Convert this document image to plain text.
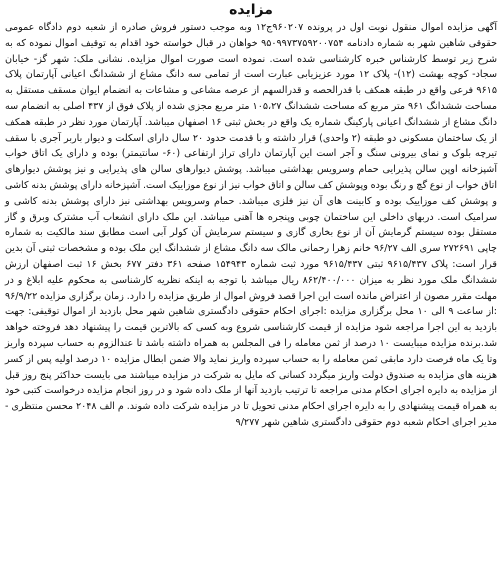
مزایده

آگهی مزایده اموال منقول نوبت اول در پرونده ۹۶۰۲۰۷ج۱۲ وبه موجب دستور فروش صادره از شعبه دوم دادگاه عمومی حقوقی شاهین شهر به شماره دادنامه ۹۵۰۹۹۷۳۷۵۹۲۰۰۷۵۴ خواهان در قبال خواسته خود اقدام به توقیف اموال نموده که به شرح زیر توسط کارشناس خبره کارشناسی شده است. نموده است صورت اموال مزایده. نشانی ملک: شهر گز- خیابان سجاد- کوچه بهشت (۱۲)- پلاک ۱۲ مورد عزیزیابی عبارت است از تمامی سه دانگ مشاع از ششدانگ اعیانی آپارتمان پلاک ۹۶۱۵ فرعی واقع در طبقه همکف با قدرالحصه و قدرالسهم از عرصه مشاعی و مشاعات به انضمام ایوان مسقف مستقل به مساحت ششدانگ ۹۶۱ متر مربع که مساحت ششدانگ ۱۰۵،۲۷ متر مربع مجزی شده از پلاک فوق از ۴۳۷ اصلی به انضمام سه دانگ مشاع از ششدانگ اعیانی پارکینگ شماره یک واقع در بخش ثبتی ۱۶ اصفهان میباشد. آپارتمان مورد نظر در طبقه همکف از یک ساختمان مسکونی دو طبقه (۲ واحدی) قرار داشته و با قدمت حدود ۲۰ سال دارای اسکلت و دیوار باربر آجری با سقف تیرچه بلوک و نمای بیرونی سنگ و آجر است این آپارتمان دارای تراز ارتفاعی (۶۰- سانتیمتر) بوده و دارای یک اتاق خواب آشپزخانه اوپن سالن پذیرایی حمام وسرویس بهداشتی میباشد. پوشش دیوارهای سالن های پذیرایی و نیز پوشش دیوارهای اتاق خواب از نوع گچ و رنگ بوده وپوشش کف سالن و اتاق خواب نیز از نوع موزاییک است. آشپزخانه دارای پوشش بدنه کاشی و پوشش کف موزاییک بوده و کابینت های آن نیز فلزی میباشد. حمام وسرویس بهداشتی نیز دارای پوشش بدنه کاشی و سرامیک است. دربهای داخلی این ساختمان چوبی وپنجره ها آهنی میباشد. این ملک دارای انشعاب آب مشترک وبرق و گاز مستقل بوده سیستم گرمایش آن از نوع بخاری گازی و سیستم سرمایش آن کولر آبی است مطابق سند مالکیت به شماره چاپی ۲۷۲۶۹۱ سری الف ۹۶/۲۷ خانم زهرا رحمانی مالک سه دانگ مشاع از ششدانگ این ملک بوده و مشخصات ثبتی آن بدین قرار است: پلاک ۹۶۱۵/۴۳۷ ثبتی ۹۶۱۵/۴۳۷ مورد ثبت شماره ۱۵۴۹۴۳ صفحه ۳۶۱ دفتر ۶۷۷ بخش ۱۶ ثبت اصفهان ارزش ششدانگ ملک مورد نظر به میزان ۸۶۲/۴۰۰/۰۰۰ ریال میباشد با توجه به اینکه نظریه کارشناسی به محکوم علیه ابلاغ و در مهلت مقرر مصون از اعتراض مانده است این اجرا قصد فروش اموال از طریق مزایده را دارد. زمان برگزاری مزایده ۹۶/۹/۲۲ :از ساعت ۹ الی ۱۰ محل برگزاری مزایده :اجرای احکام حقوقی دادگستری شاهین شهر محل بازدید از اموال توقیفی: جهت بازدید به این اجرا مراجعه شود مزایده از قیمت کارشناسی شروع وبه کسی که بالاترین قیمت را پیشنهاد دهد فروخته خواهد شد.برنده مزایده میبایست ۱۰ درصد از ثمن معامله را فی المجلس به همراه داشته باشد تا عندالزوم به حساب سپرده واریز وتا یک ماه فرصت دارد مابقی ثمن معامله را به حساب سپرده واریز نماید والا ضمن ابطال مزایده ۱۰ درصد اولیه پس از کسر هزینه های مزایده به صندوق دولت واریز میگردد کسانی که مایل به شرکت در مزایده میباشند می بایست حداکثر پنج روز قبل از مزایده به دایره اجرای احکام مدنی مراجعه تا ترتیب بازدید آنها از ملک داده شود و در روز انجام مزایده درخواست کتبی خود به همراه قیمت پیشنهادی را به دایره اجرای احکام مدنی تحویل تا در مزایده شرکت داده شوند. م الف ۲۰۴۸ محسن منتظری - مدیر اجرای احکام شعبه دوم حقوقی دادگستری شاهین شهر ۹/۲۷۷
